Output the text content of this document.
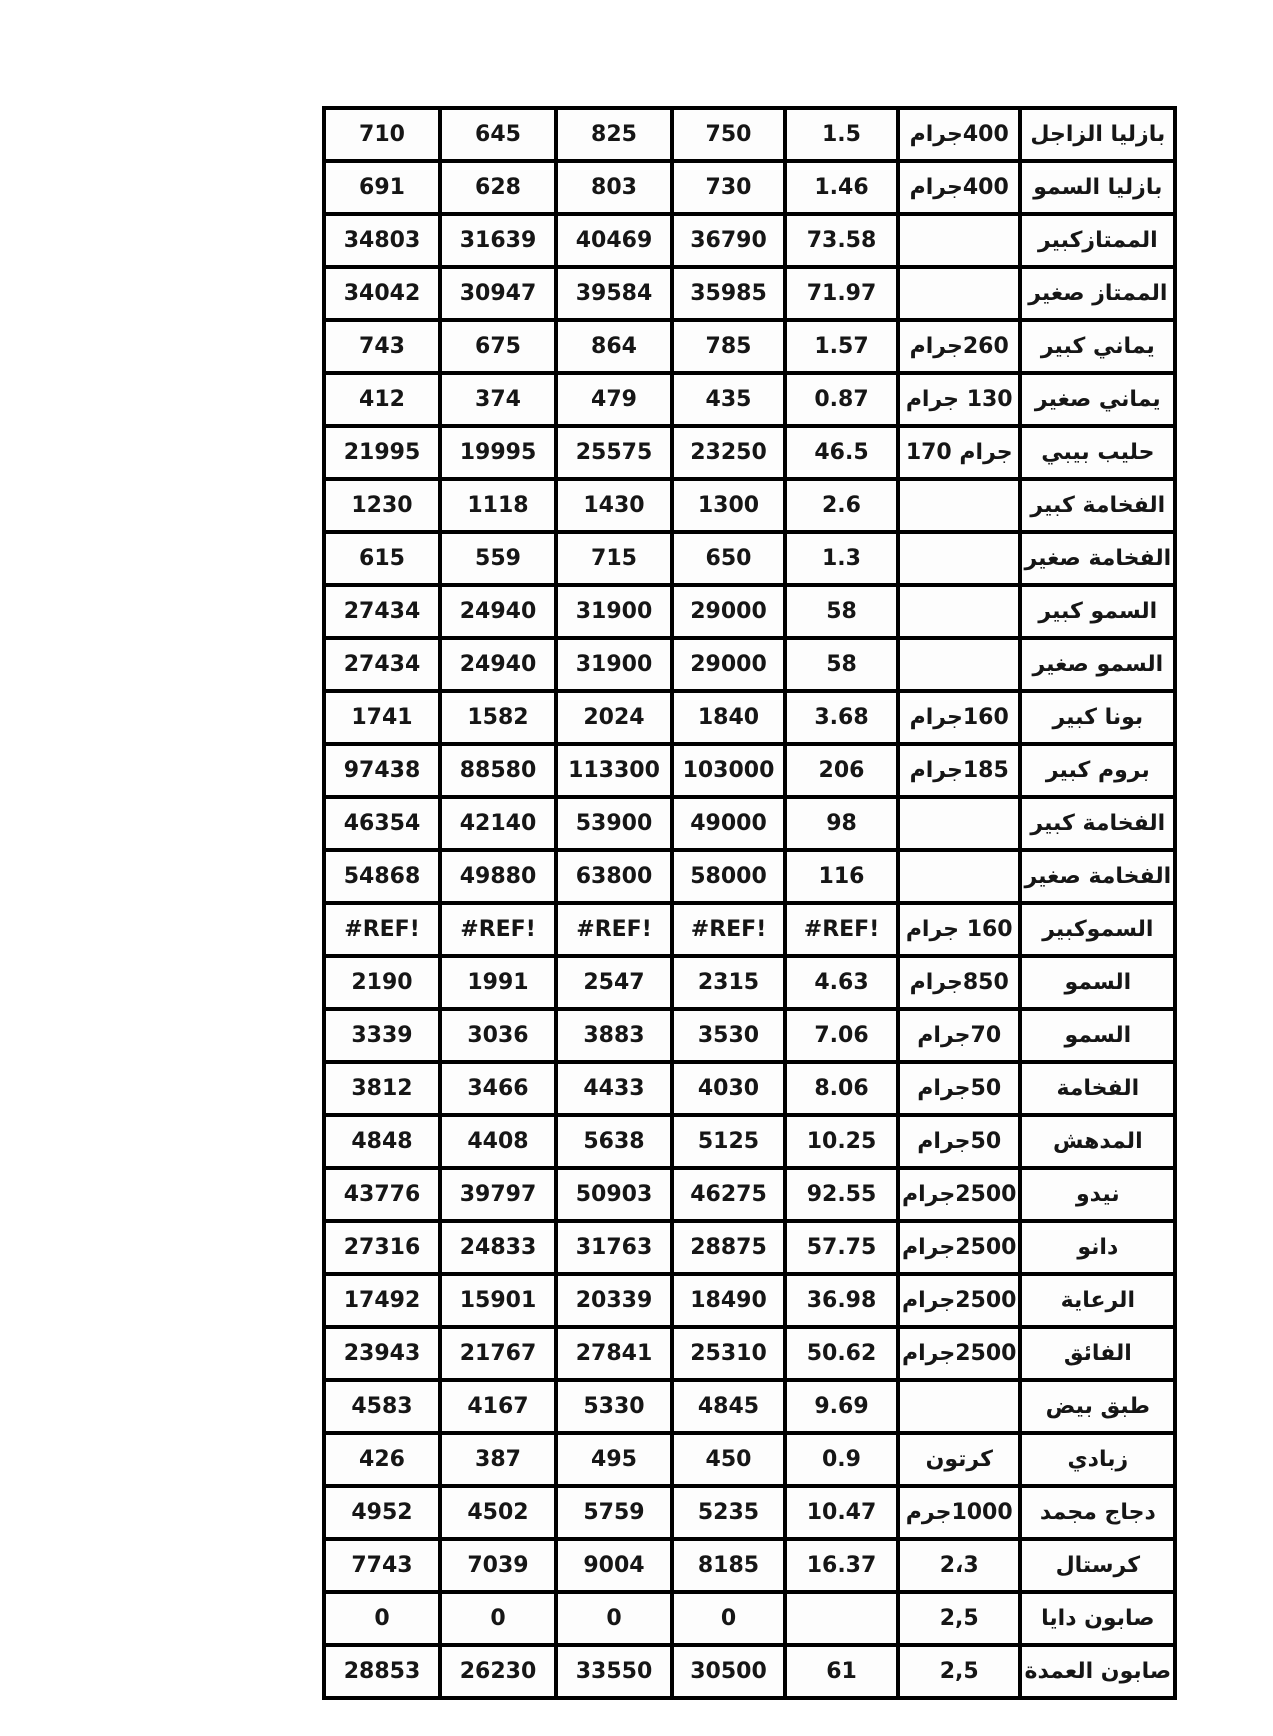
710	645	825	750	1.5	400جرام	بازليا الزاجل
691	628	803	730	1.46	400جرام	بازليا السمو
34803	31639	40469	36790	73.58		الممتازكبير
34042	30947	39584	35985	71.97		الممتاز صغير
743	675	864	785	1.57	260جرام	يماني كبير
412	374	479	435	0.87	130 جرام	يماني صغير
21995	19995	25575	23250	46.5	جرام 170	حليب بيبي
1230	1118	1430	1300	2.6		الفخامة كبير
615	559	715	650	1.3		الفخامة صغير
27434	24940	31900	29000	58		السمو كبير
27434	24940	31900	29000	58		السمو صغير
1741	1582	2024	1840	3.68	160جرام	بونا كبير
97438	88580	113300	103000	206	185جرام	بروم كبير
46354	42140	53900	49000	98		الفخامة كبير
54868	49880	63800	58000	116		الفخامة صغير
#REF!	#REF!	#REF!	#REF!	#REF!	160 جرام	السموكبير
2190	1991	2547	2315	4.63	850جرام	السمو
3339	3036	3883	3530	7.06	70جرام	السمو
3812	3466	4433	4030	8.06	50جرام	الفخامة
4848	4408	5638	5125	10.25	50جرام	المدهش
43776	39797	50903	46275	92.55	2500جرام	نيدو
27316	24833	31763	28875	57.75	2500جرام	دانو
17492	15901	20339	18490	36.98	2500جرام	الرعاية
23943	21767	27841	25310	50.62	2500جرام	الفائق
4583	4167	5330	4845	9.69		طبق بيض
426	387	495	450	0.9	كرتون	زبادي
4952	4502	5759	5235	10.47	1000جرم	دجاج مجمد
7743	7039	9004	8185	16.37	2،3	كرستال
0	0	0	0		2,5	صابون دايا
28853	26230	33550	30500	61	2,5	صابون العمدة
